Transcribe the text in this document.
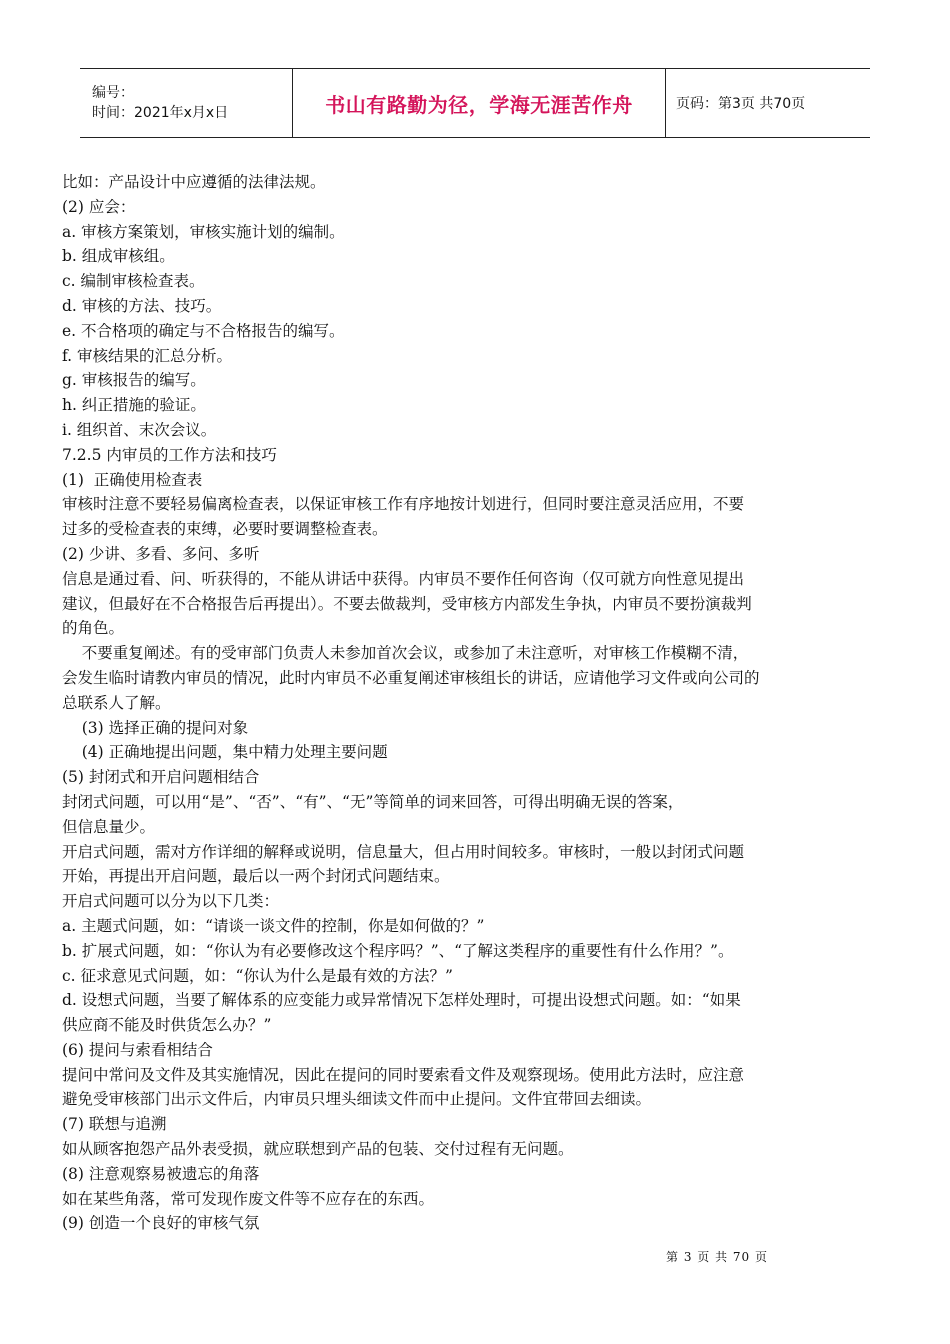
编号：
时间：2021年x月x日	书山有路勤为径，学海无涯苦作舟	页码：第3页 共70页

比如：产品设计中应遵循的法律法规。

(2) 应会：

a. 审核方案策划，审核实施计划的编制。

b. 组成审核组。

c. 编制审核检查表。

d. 审核的方法、技巧。

e. 不合格项的确定与不合格报告的编写。

f. 审核结果的汇总分析。

g. 审核报告的编写。

h. 纠正措施的验证。

i. 组织首、末次会议。

7.2.5 内审员的工作方法和技巧

(1)  正确使用检查表

审核时注意不要轻易偏离检查表，以保证审核工作有序地按计划进行，但同时要注意灵活应用，不要

过多的受检查表的束缚，必要时要调整检查表。

(2) 少讲、多看、多问、多听

信息是通过看、问、听获得的，不能从讲话中获得。内审员不要作任何咨询（仅可就方向性意见提出

建议，但最好在不合格报告后再提出）。不要去做裁判，受审核方内部发生争执，内审员不要扮演裁判

的角色。

不要重复阐述。有的受审部门负责人未参加首次会议，或参加了未注意听，对审核工作模糊不清，

会发生临时请教内审员的情况，此时内审员不必重复阐述审核组长的讲话，应请他学习文件或向公司的

总联系人了解。

(3) 选择正确的提问对象

(4) 正确地提出问题，集中精力处理主要问题

(5) 封闭式和开启问题相结合

封闭式问题，可以用“是”、“否”、“有”、“无”等简单的词来回答，可得出明确无误的答案，

但信息量少。

开启式问题，需对方作详细的解释或说明，信息量大，但占用时间较多。审核时，一般以封闭式问题

开始，再提出开启问题，最后以一两个封闭式问题结束。

开启式问题可以分为以下几类：

a. 主题式问题，如：“请谈一谈文件的控制，你是如何做的？”

b. 扩展式问题，如：“你认为有必要修改这个程序吗？”、“了解这类程序的重要性有什么作用？”。

c. 征求意见式问题，如：“你认为什么是最有效的方法？”

d. 设想式问题，当要了解体系的应变能力或异常情况下怎样处理时，可提出设想式问题。如：“如果

供应商不能及时供货怎么办？”

(6) 提问与索看相结合

提问中常问及文件及其实施情况，因此在提问的同时要索看文件及观察现场。使用此方法时，应注意

避免受审核部门出示文件后，内审员只埋头细读文件而中止提问。文件宜带回去细读。

(7) 联想与追溯

如从顾客抱怨产品外表受损，就应联想到产品的包装、交付过程有无问题。

(8) 注意观察易被遗忘的角落

如在某些角落，常可发现作废文件等不应存在的东西。

(9) 创造一个良好的审核气氛

第 3 页 共 70 页
